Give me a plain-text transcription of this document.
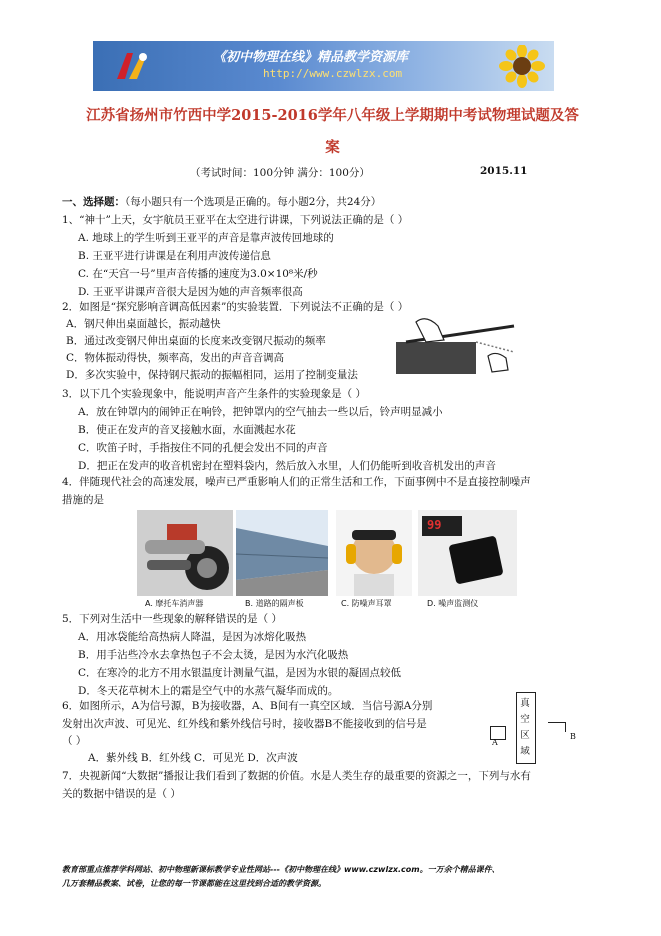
《初中物理在线》精品教学资源库
http://www.czwlzx.com
江苏省扬州市竹西中学2015-2016学年八年级上学期期中考试物理试题及答
案
（考试时间：100分钟 满分：100分）	2015.11
一、选择题：（每小题只有一个选项是正确的。每小题2分，共24分）
1、“神十”上天，女宇航员王亚平在太空进行讲课，下列说法正确的是（ ）
A. 地球上的学生听到王亚平的声音是靠声波传回地球的
B. 王亚平进行讲课是在利用声波传递信息
C. 在“天宫一号”里声音传播的速度为3.0×10⁸米/秒
D. 王亚平讲课声音很大是因为她的声音频率很高
2．如图是“探究影响音调高低因素”的实验装置．下列说法不正确的是（ ）
A．钢尺伸出桌面越长，振动越快
B．通过改变钢尺伸出桌面的长度来改变钢尺振动的频率
C．物体振动得快，频率高，发出的声音音调高
D．多次实验中，保持钢尺振动的振幅相同，运用了控制变量法
3．以下几个实验现象中，能说明声音产生条件的实验现象是（ ）
A．放在钟罩内的闹钟正在响铃，把钟罩内的空气抽去一些以后，铃声明显减小
B．使正在发声的音叉接触水面，水面溅起水花
C．吹笛子时，手指按住不同的孔便会发出不同的声音
D．把正在发声的收音机密封在塑料袋内，然后放入水里，人们仍能听到收音机发出的声音
4．伴随现代社会的高速发展，噪声已严重影响人们的正常生活和工作，下面事例中不是直接控制噪声
措施的是
99
A. 摩托车消声器	B. 道路的隔声板	C. 防噪声耳罩	D. 噪声监测仪
5．下列对生活中一些现象的解释错误的是（ ）
A．用冰袋能给高热病人降温，是因为冰熔化吸热
B．用手沾些冷水去拿热包子不会太烫，是因为水汽化吸热
C．在寒冷的北方不用水银温度计测量气温，是因为水银的凝固点较低
D．冬天花草树木上的霜是空气中的水蒸气凝华而成的。
6．如图所示，A为信号源，B为接收器，A、B间有一真空区域．当信号源A分别
发射出次声波、可见光、红外线和紫外线信号时，接收器B不能接收到的信号是
（ ）
A．紫外线 B．红外线 C．可见光 D．次声波
真
空
区
域
A
B
7．央视新闻“大数据”播报让我们看到了数据的价值。水是人类生存的最重要的资源之一，下列与水有
关的数据中错误的是（ ）
教育部重点推荐学科网站、初中物理新课标教学专业性网站---《初中物理在线》www.czwlzx.com。一万余个精品课件、
几万套精品教案、试卷，让您的每一节课都能在这里找到合适的教学资源。
